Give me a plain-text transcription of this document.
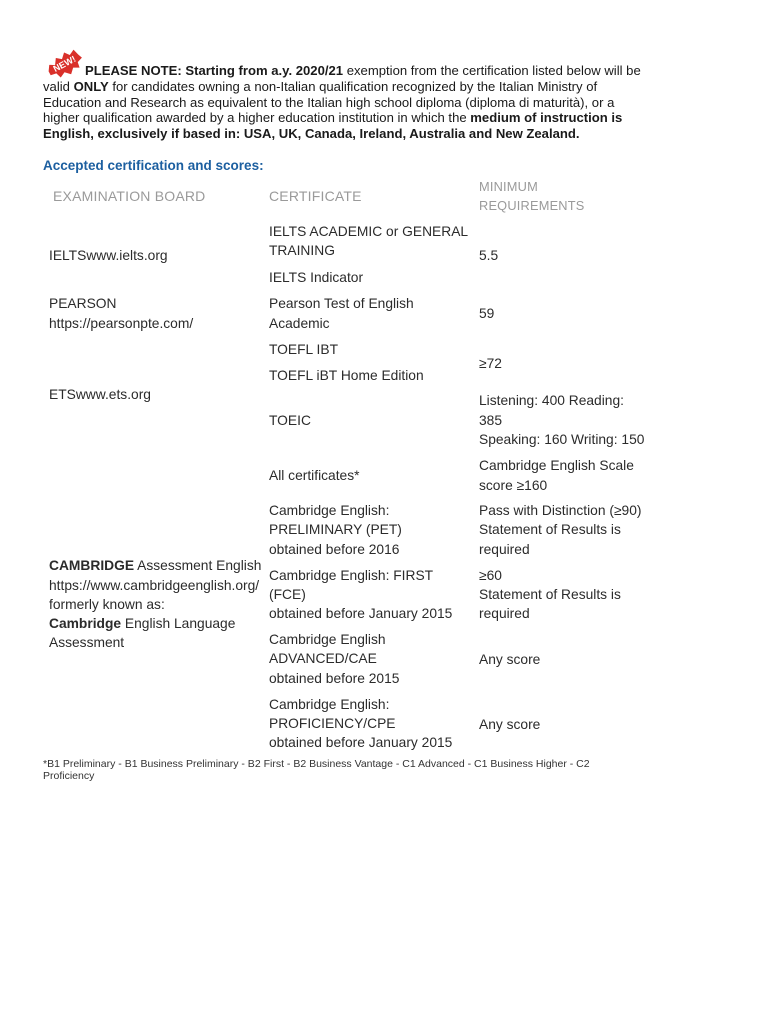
NEW! PLEASE NOTE: Starting from a.y. 2020/21 exemption from the certification listed below will be valid ONLY for candidates owning a non-Italian qualification recognized by the Italian Ministry of Education and Research as equivalent to the Italian high school diploma (diploma di maturità), or a higher qualification awarded by a higher education institution in which the medium of instruction is English, exclusively if based in: USA, UK, Canada, Ireland, Australia and New Zealand.
Accepted certification and scores:
EXAMINATION BOARD	CERTIFICATE
MINIMUM
REQUIREMENTS
IELTSwww.ielts.org
IELTS ACADEMIC or GENERAL
TRAINING
IELTS Indicator
5.5
PEARSON
https://pearsonpte.com/
Pearson Test of English
Academic
59
ETSwww.ets.org
TOEFL IBT
TOEFL iBT Home Edition
≥72
TOEIC
Listening: 400 Reading:
385
Speaking: 160 Writing: 150
CAMBRIDGE Assessment English
https://www.cambridgeenglish.org/
formerly known as:
Cambridge English Language
Assessment
All certificates*
Cambridge English Scale
score ≥160
Cambridge English:
PRELIMINARY (PET)
obtained before 2016
Pass with Distinction (≥90)
Statement of Results is
required
Cambridge English: FIRST
(FCE)
obtained before January 2015
≥60
Statement of Results is
required
Cambridge English
ADVANCED/CAE
obtained before 2015
Any score
Cambridge English:
PROFICIENCY/CPE
obtained before January 2015
Any score
*B1 Preliminary - B1 Business Preliminary - B2 First - B2 Business Vantage - C1 Advanced - C1 Business Higher - C2 Proficiency
